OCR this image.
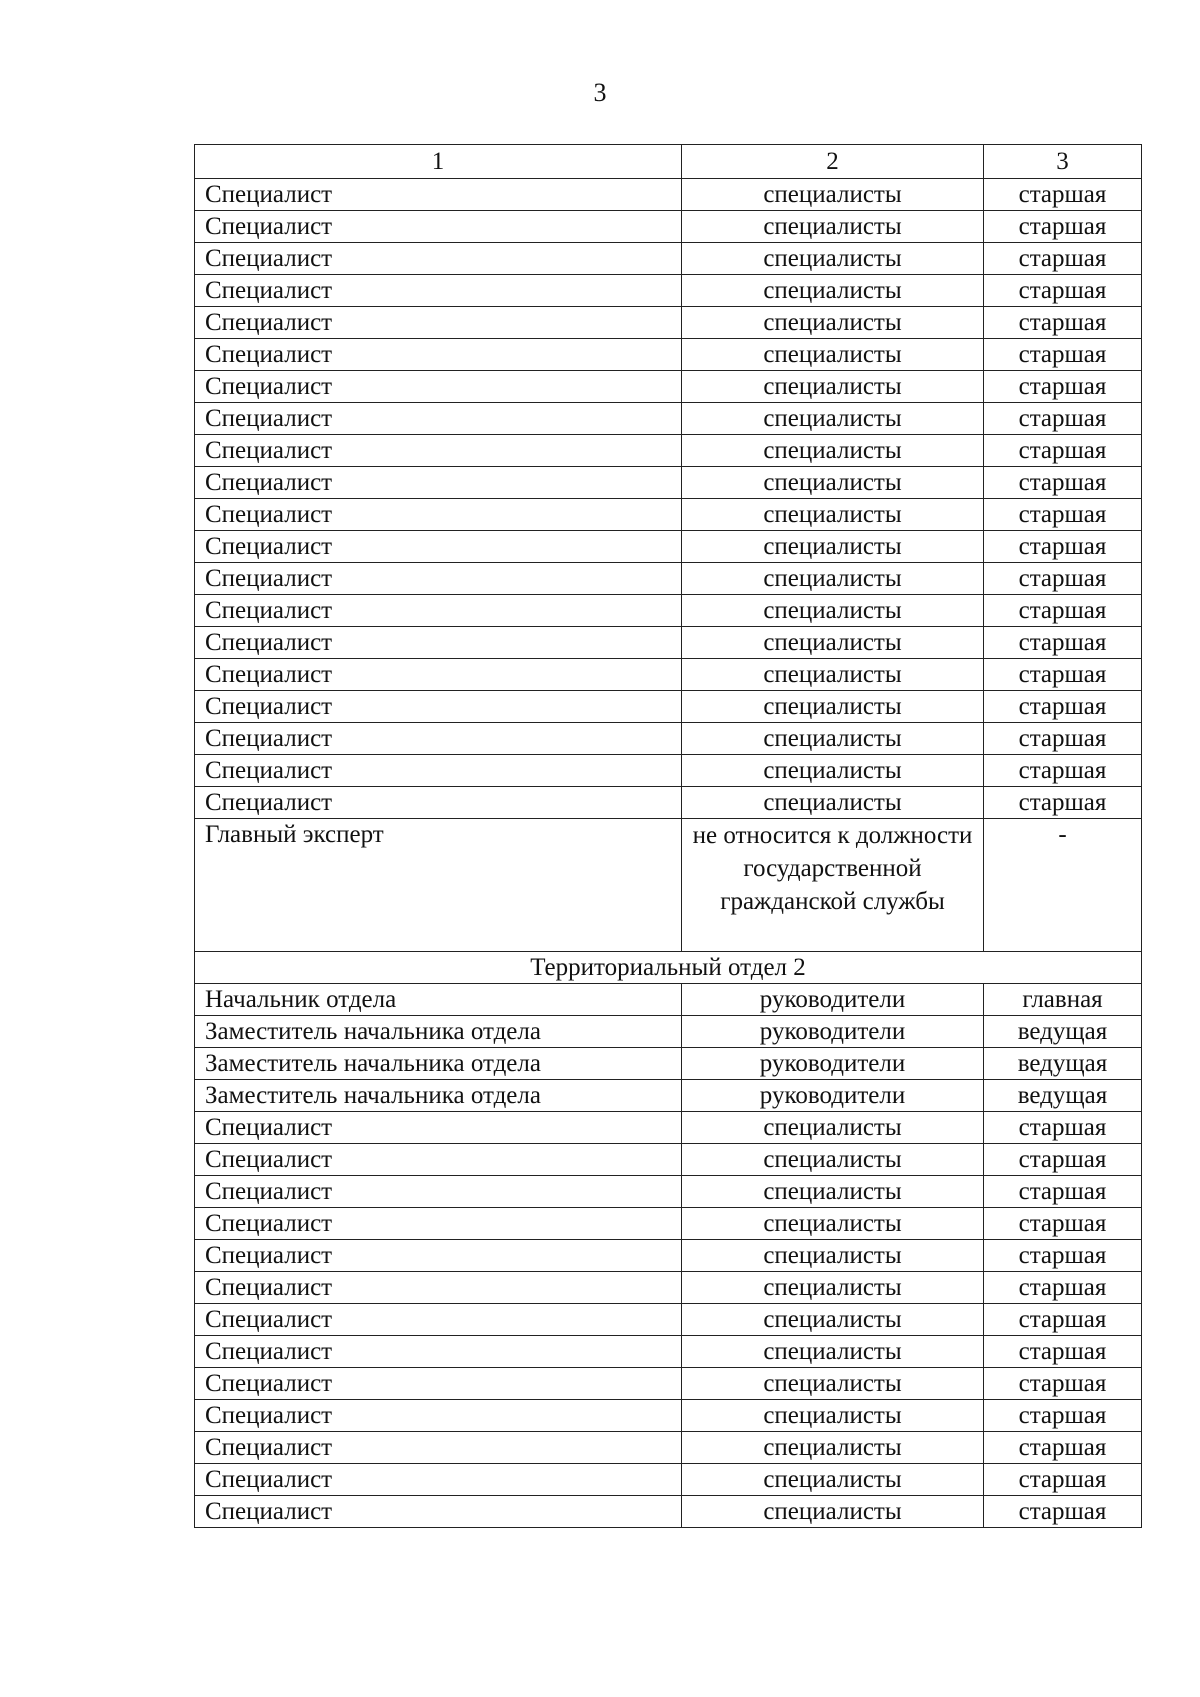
3
1	2	3
Специалист	специалисты	старшая
Специалист	специалисты	старшая
Специалист	специалисты	старшая
Специалист	специалисты	старшая
Специалист	специалисты	старшая
Специалист	специалисты	старшая
Специалист	специалисты	старшая
Специалист	специалисты	старшая
Специалист	специалисты	старшая
Специалист	специалисты	старшая
Специалист	специалисты	старшая
Специалист	специалисты	старшая
Специалист	специалисты	старшая
Специалист	специалисты	старшая
Специалист	специалисты	старшая
Специалист	специалисты	старшая
Специалист	специалисты	старшая
Специалист	специалисты	старшая
Специалист	специалисты	старшая
Специалист	специалисты	старшая
Главный эксперт	не относится к должности государственной гражданской службы	-
Территориальный отдел 2		
Начальник отдела	руководители	главная
Заместитель начальника отдела	руководители	ведущая
Заместитель начальника отдела	руководители	ведущая
Заместитель начальника отдела	руководители	ведущая
Специалист	специалисты	старшая
Специалист	специалисты	старшая
Специалист	специалисты	старшая
Специалист	специалисты	старшая
Специалист	специалисты	старшая
Специалист	специалисты	старшая
Специалист	специалисты	старшая
Специалист	специалисты	старшая
Специалист	специалисты	старшая
Специалист	специалисты	старшая
Специалист	специалисты	старшая
Специалист	специалисты	старшая
Специалист	специалисты	старшая
